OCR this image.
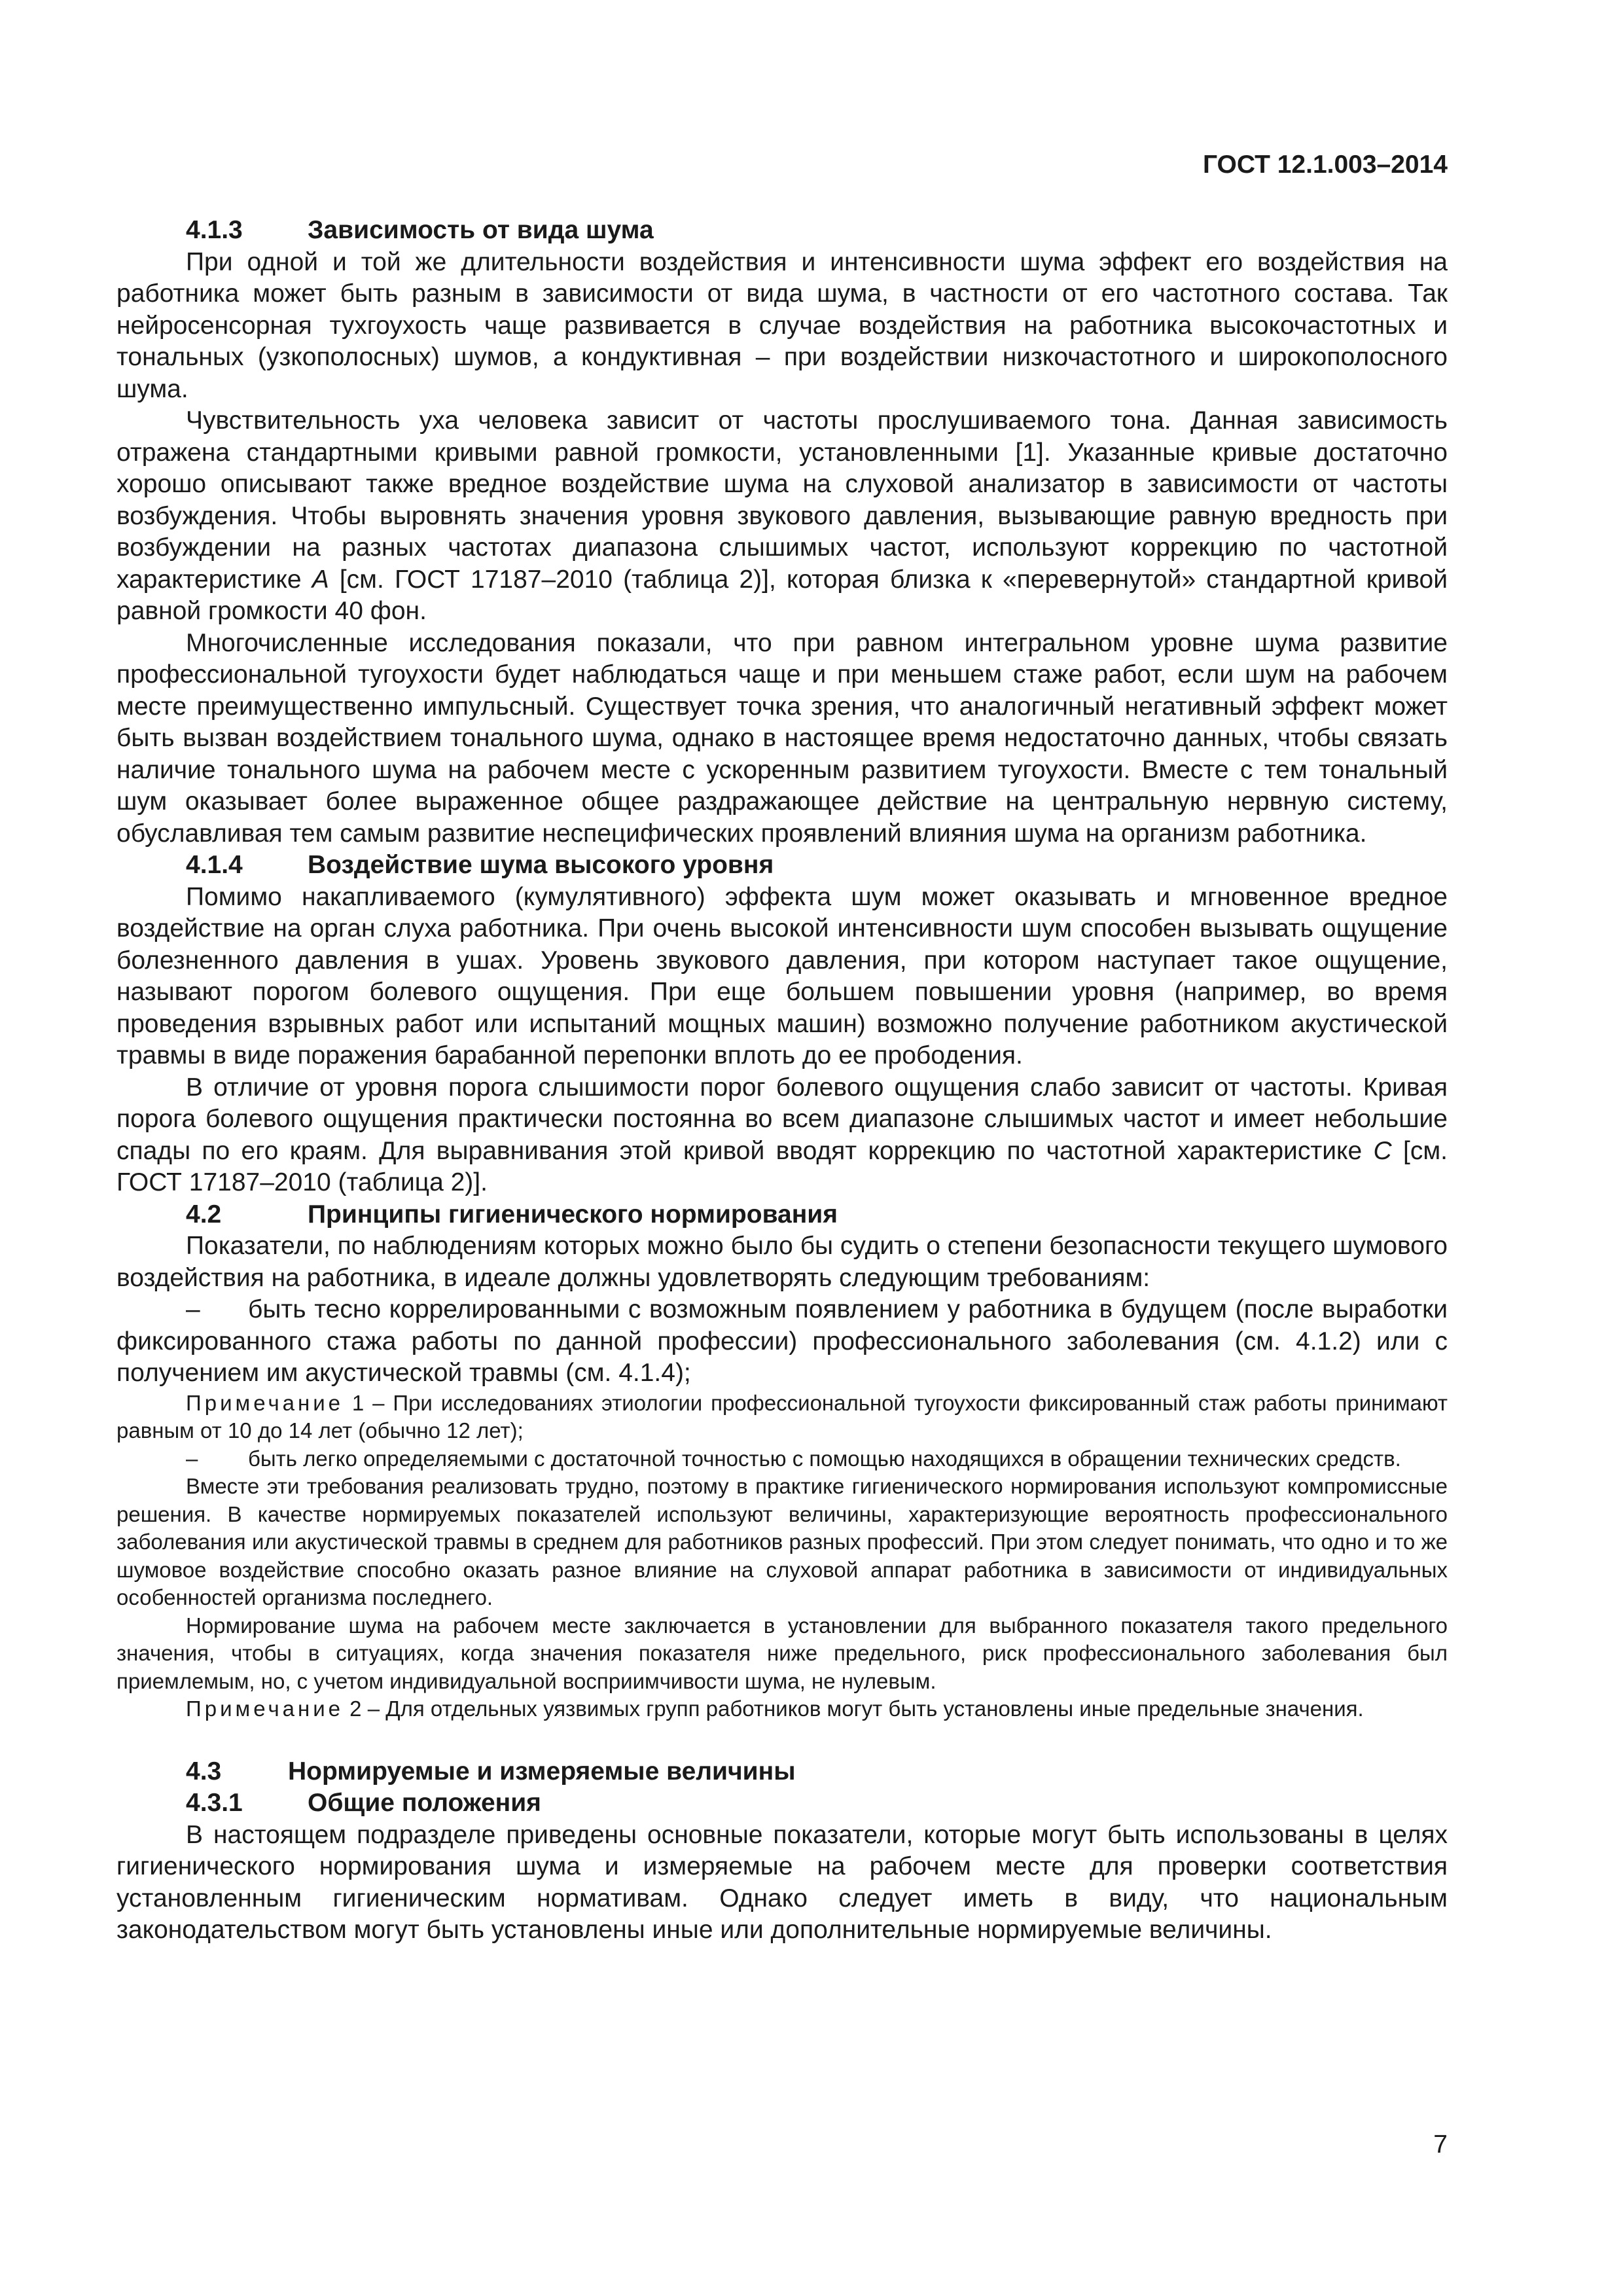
ГОСТ 12.1.003–2014
4.1.3	Зависимость от вида шума

При одной и той же длительности воздействия и интенсивности шума эффект его воздействия на работника может быть разным в зависимости от вида шума, в частности от его частотного состава. Так нейросенсорная тухгоухость чаще развивается в случае воздействия на работника высокочастотных и тональных (узкополосных) шумов, а кондуктивная – при воздействии низкочастотного и широкополосного шума.

Чувствительность уха человека зависит от частоты прослушиваемого тона. Данная зависимость отражена стандартными кривыми равной громкости, установленными [1]. Указанные кривые достаточно хорошо описывают также вредное воздействие шума на слуховой анализатор в зависимости от частоты возбуждения. Чтобы выровнять значения уровня звукового давления, вызывающие равную вредность при возбуждении на разных частотах диапазона слышимых частот, используют коррекцию по частотной характеристике A [см. ГОСТ 17187–2010 (таблица 2)], которая близка к «перевернутой» стандартной кривой равной громкости 40 фон.

Многочисленные исследования показали, что при равном интегральном уровне шума развитие профессиональной тугоухости будет наблюдаться чаще и при меньшем стаже работ, если шум на рабочем месте преимущественно импульсный. Существует точка зрения, что аналогичный негативный эффект может быть вызван воздействием тонального шума, однако в настоящее время недостаточно данных, чтобы связать наличие тонального шума на рабочем месте с ускоренным развитием тугоухости. Вместе с тем тональный шум оказывает более выраженное общее раздражающее действие на центральную нервную систему, обуславливая тем самым развитие неспецифических проявлений влияния шума на организм работника.

4.1.4	Воздействие шума высокого уровня

Помимо накапливаемого (кумулятивного) эффекта шум может оказывать и мгновенное вредное воздействие на орган слуха работника. При очень высокой интенсивности шум способен вызывать ощущение болезненного давления в ушах. Уровень звукового давления, при котором наступает такое ощущение, называют порогом болевого ощущения. При еще большем повышении уровня (например, во время проведения взрывных работ или испытаний мощных машин) возможно получение работником акустической травмы в виде поражения барабанной перепонки вплоть до ее прободения.

В отличие от уровня порога слышимости порог болевого ощущения слабо зависит от частоты. Кривая порога болевого ощущения практически постоянна во всем диапазоне слышимых частот и имеет небольшие спады по его краям. Для выравнивания этой кривой вводят коррекцию по частотной характеристике C [см. ГОСТ 17187–2010 (таблица 2)].

4.2	Принципы гигиенического нормирования

Показатели, по наблюдениям которых можно было бы судить о степени безопасности текущего шумового воздействия на работника, в идеале должны удовлетворять следующим требованиям:

– быть тесно коррелированными с возможным появлением у работника в будущем (после выработки фиксированного стажа работы по данной профессии) профессионального заболевания (см. 4.1.2) или с получением им акустической травмы (см. 4.1.4);

Примечание 1 – При исследованиях этиологии профессиональной тугоухости фиксированный стаж работы принимают равным от 10 до 14 лет (обычно 12 лет);

– быть легко определяемыми с достаточной точностью с помощью находящихся в обращении технических средств.

Вместе эти требования реализовать трудно, поэтому в практике гигиенического нормирования используют компромиссные решения. В качестве нормируемых показателей используют величины, характеризующие вероятность профессионального заболевания или акустической травмы в среднем для работников разных профессий. При этом следует понимать, что одно и то же шумовое воздействие способно оказать разное влияние на слуховой аппарат работника в зависимости от индивидуальных особенностей организма последнего.

Нормирование шума на рабочем месте заключается в установлении для выбранного показателя такого предельного значения, чтобы в ситуациях, когда значения показателя ниже предельного, риск профессионального заболевания был приемлемым, но, с учетом индивидуальной восприимчивости шума, не нулевым.

Примечание 2 – Для отдельных уязвимых групп работников могут быть установлены иные предельные значения.

4.3	Нормируемые и измеряемые величины
4.3.1	Общие положения

В настоящем подразделе приведены основные показатели, которые могут быть использованы в целях гигиенического нормирования шума и измеряемые на рабочем месте для проверки соответствия установленным гигиеническим нормативам. Однако следует иметь в виду, что национальным законодательством могут быть установлены иные или дополнительные нормируемые величины.

7
